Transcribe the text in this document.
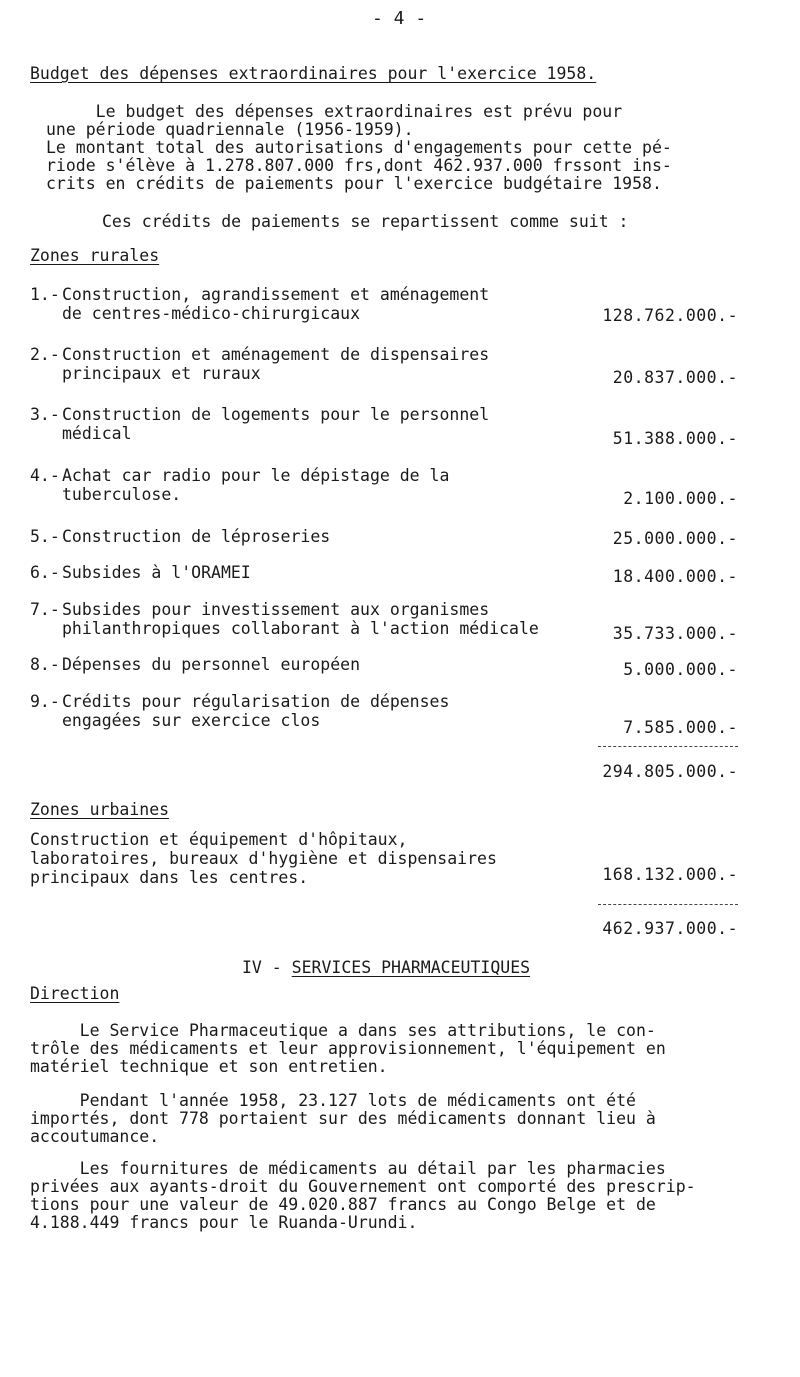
- 4 -
Budget des dépenses extraordinaires pour l'exercice 1958.
Le budget des dépenses extraordinaires est prévu pour
une période quadriennale (1956-1959).
Le montant total des autorisations d'engagements pour cette pé-
riode s'élève à 1.278.807.000 frs,dont 462.937.000 frssont ins-
crits en crédits de paiements pour l'exercice budgétaire 1958.
Ces crédits de paiements se repartissent comme suit :
Zones rurales
1.- Construction, agrandissement et aménagement
de centres-médico-chirurgicaux	128.762.000.-
2.- Construction et aménagement de dispensaires
principaux et ruraux	20.837.000.-
3.- Construction de logements pour le personnel
médical	51.388.000.-
4.- Achat car radio pour le dépistage de la
tuberculose.	2.100.000.-
5.- Construction de léproseries	25.000.000.-
6.- Subsides à l'ORAMEI	18.400.000.-
7.- Subsides pour investissement aux organismes
philanthropiques collaborant à l'action médicale	35.733.000.-
8.- Dépenses du personnel européen	5.000.000.-
9.- Crédits pour régularisation de dépenses
engagées sur exercice clos	7.585.000.-
294.805.000.-
Zones urbaines
Construction et équipement d'hôpitaux,
laboratoires, bureaux d'hygiène et dispensaires
principaux dans les centres.	168.132.000.-
462.937.000.-
IV - SERVICES PHARMACEUTIQUES
Direction
Le Service Pharmaceutique a dans ses attributions, le con-
trôle des médicaments et leur approvisionnement, l'équipement en
matériel technique et son entretien.
Pendant l'année 1958, 23.127 lots de médicaments ont été
importés, dont 778 portaient sur des médicaments donnant lieu à
accoutumance.
Les fournitures de médicaments au détail par les pharmacies
privées aux ayants-droit du Gouvernement ont comporté des prescrip-
tions pour une valeur de 49.020.887 francs au Congo Belge et de
4.188.449 francs pour le Ruanda-Urundi.
